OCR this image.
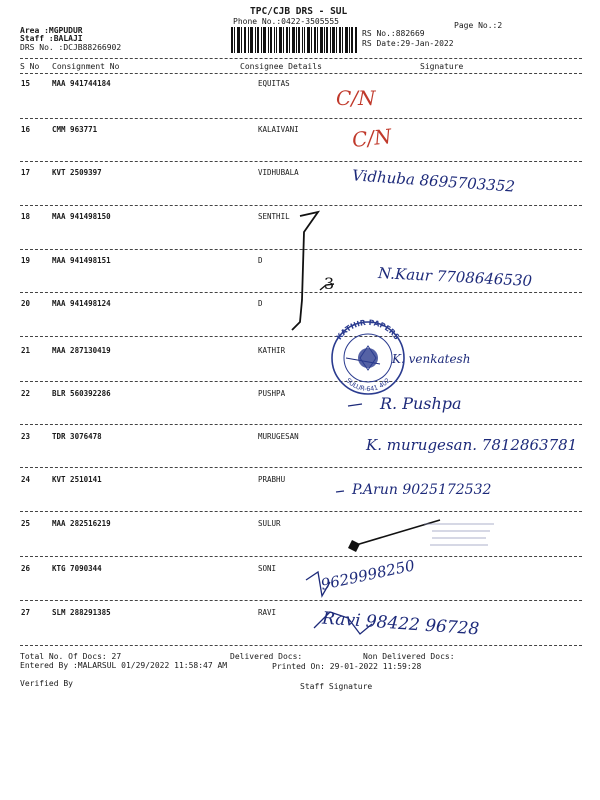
TPC/CJB DRS - SUL
Phone No.:0422-3505555	Page No.:2
Area :MGPUDUR
Staff :BALAJI
DRS No. :DCJB88266902
RS No.:882669
RS Date:29-Jan-2022
S No Consignment No	Consignee Details	Signature
15	MAA 941744184	EQUITAS
16	CMM 963771	KALAIVANI
17	KVT 2509397	VIDHUBALA
18	MAA 941498150	SENTHIL
19	MAA 941498151	D
20	MAA 941498124	D
21	MAA 287130419	KATHIR
22	BLR 560392286	PUSHPA
23	TDR 3076478	MURUGESAN
24	KVT 2510141	PRABHU
25	MAA 282516219	SULUR
26	KTG 7090344	SONI
27	SLM 288291385	RAVI
C/N
C/N
Vidhuba 8695703352
N.Kaur 7708646530
K. venkatesh
R. Pushpa
K. murugesan. 7812863781
P.Arun 9025172532
9629998250
Ravi 98422 96728
3
KATHIR PAPERS
SULUR-641 402
Total No. Of Docs: 27	Delivered Docs:	Non Delivered Docs:
Entered By :MALARSUL 01/29/2022 11:58:47 AM	Printed On: 29-01-2022 11:59:28
Verified By	Staff Signature
